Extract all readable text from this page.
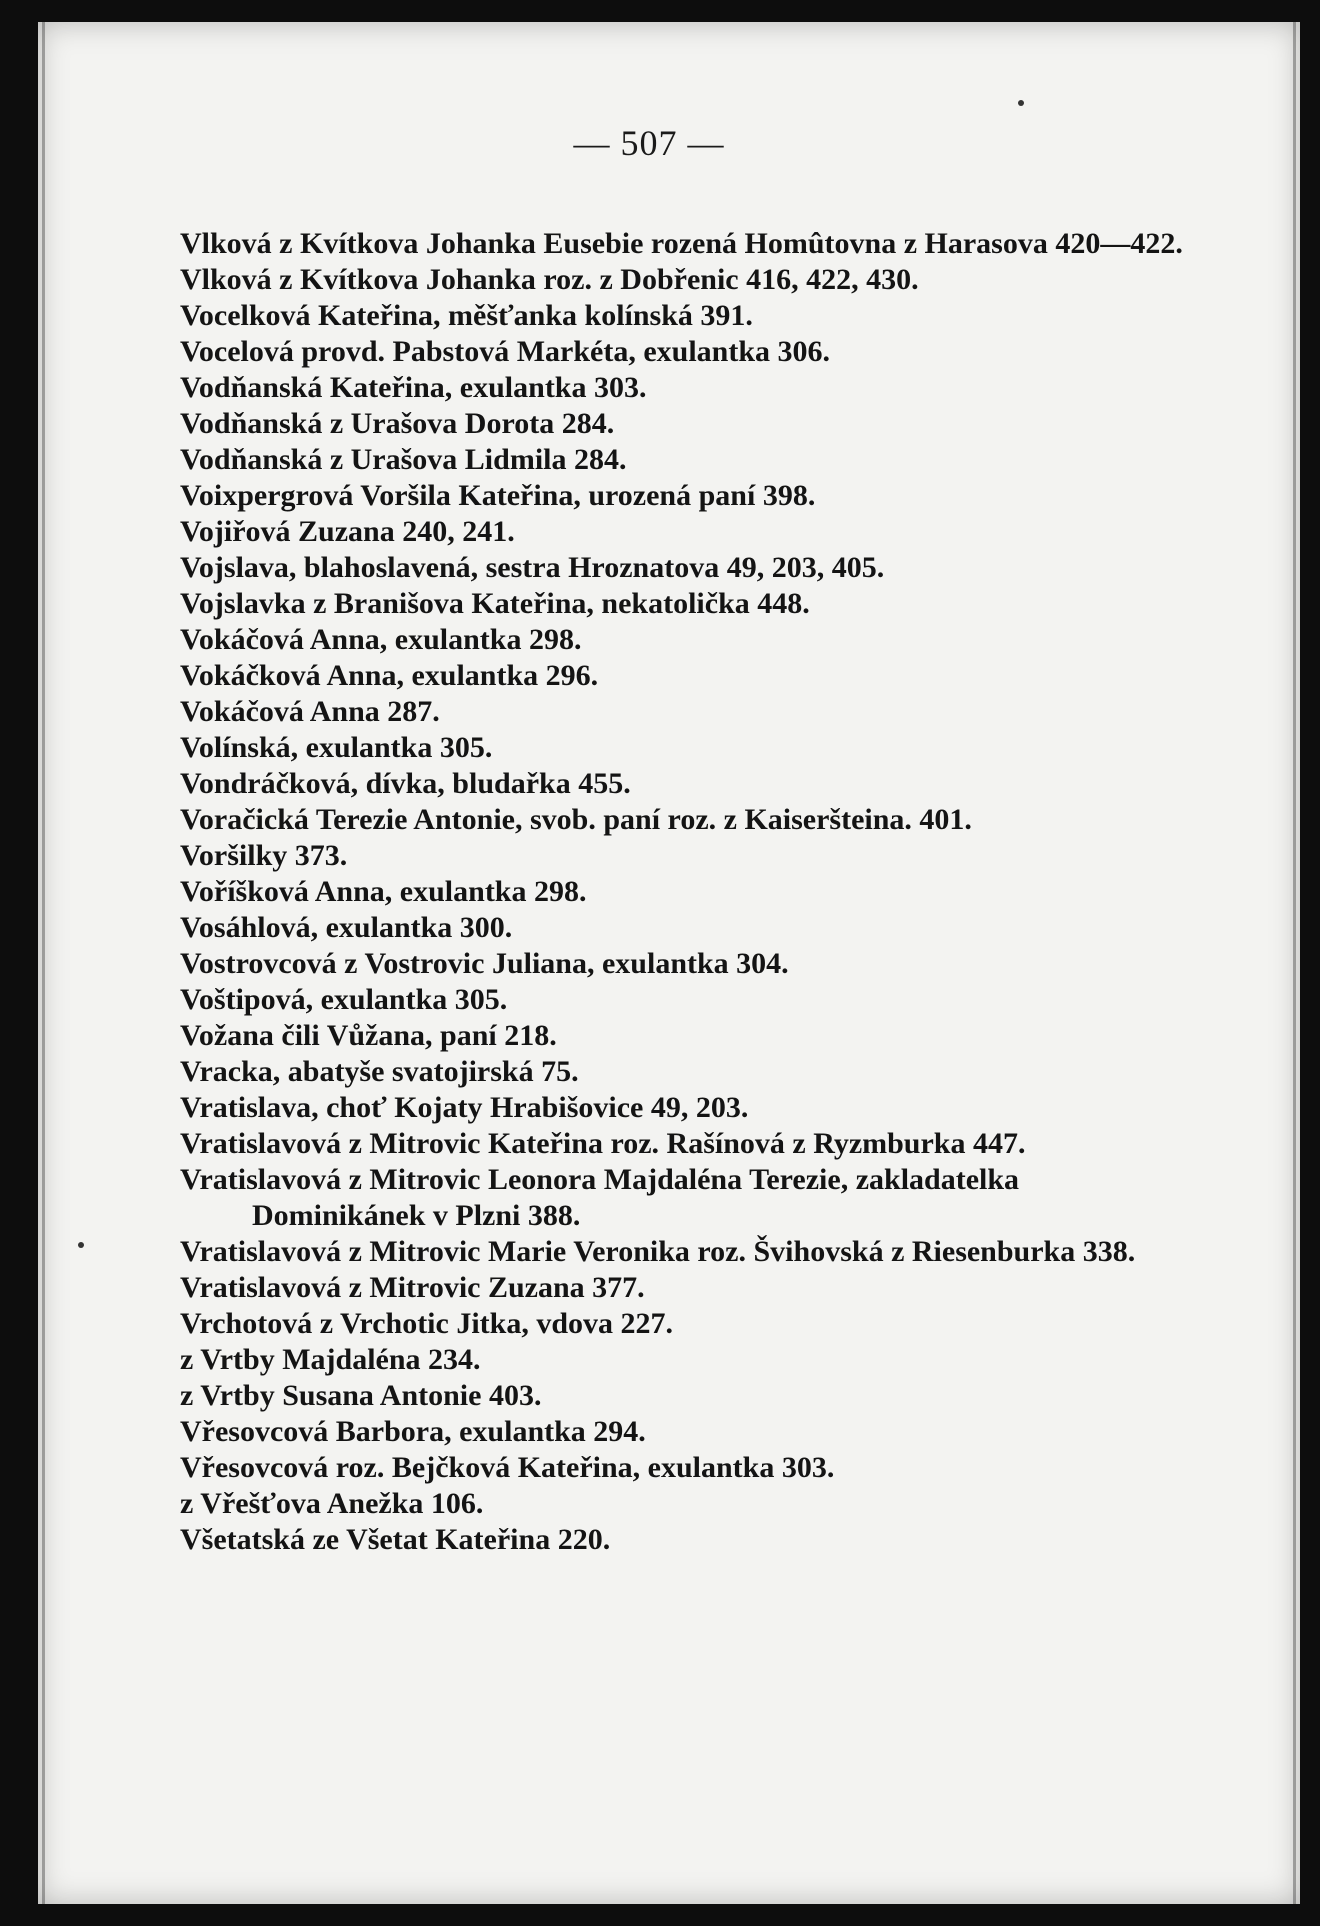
— 507 —
Vlková z Kvítkova Johanka Eusebie rozená Homûtovna z Harasova 420—422.
Vlková z Kvítkova Johanka roz. z Dobřenic 416, 422, 430.
Vocelková Kateřina, měšťanka kolínská 391.
Vocelová provd. Pabstová Markéta, exulantka 306.
Vodňanská Kateřina, exulantka 303.
Vodňanská z Urašova Dorota 284.
Vodňanská z Urašova Lidmila 284.
Voixpergrová Voršila Kateřina, urozená paní 398.
Vojiřová Zuzana 240, 241.
Vojslava, blahoslavená, sestra Hroznatova 49, 203, 405.
Vojslavka z Branišova Kateřina, nekatolička 448.
Vokáčová Anna, exulantka 298.
Vokáčková Anna, exulantka 296.
Vokáčová Anna 287.
Volínská, exulantka 305.
Vondráčková, dívka, bludařka 455.
Voračická Terezie Antonie, svob. paní roz. z Kaiseršteina. 401.
Voršilky 373.
Voříšková Anna, exulantka 298.
Vosáhlová, exulantka 300.
Vostrovcová z Vostrovic Juliana, exulantka 304.
Voštipová, exulantka 305.
Vožana čili Vůžana, paní 218.
Vracka, abatyše svatojirská 75.
Vratislava, choť Kojaty Hrabišovice 49, 203.
Vratislavová z Mitrovic Kateřina roz. Rašínová z Ryzmburka 447.
Vratislavová z Mitrovic Leonora Majdaléna Terezie, zakladatelka Dominikánek v Plzni 388.
Vratislavová z Mitrovic Marie Veronika roz. Švihovská z Riesenburka 338.
Vratislavová z Mitrovic Zuzana 377.
Vrchotová z Vrchotic Jitka, vdova 227.
z Vrtby Majdaléna 234.
z Vrtby Susana Antonie 403.
Vřesovcová Barbora, exulantka 294.
Vřesovcová roz. Bejčková Kateřina, exulantka 303.
z Vřešťova Anežka 106.
Všetatská ze Všetat Kateřina 220.
